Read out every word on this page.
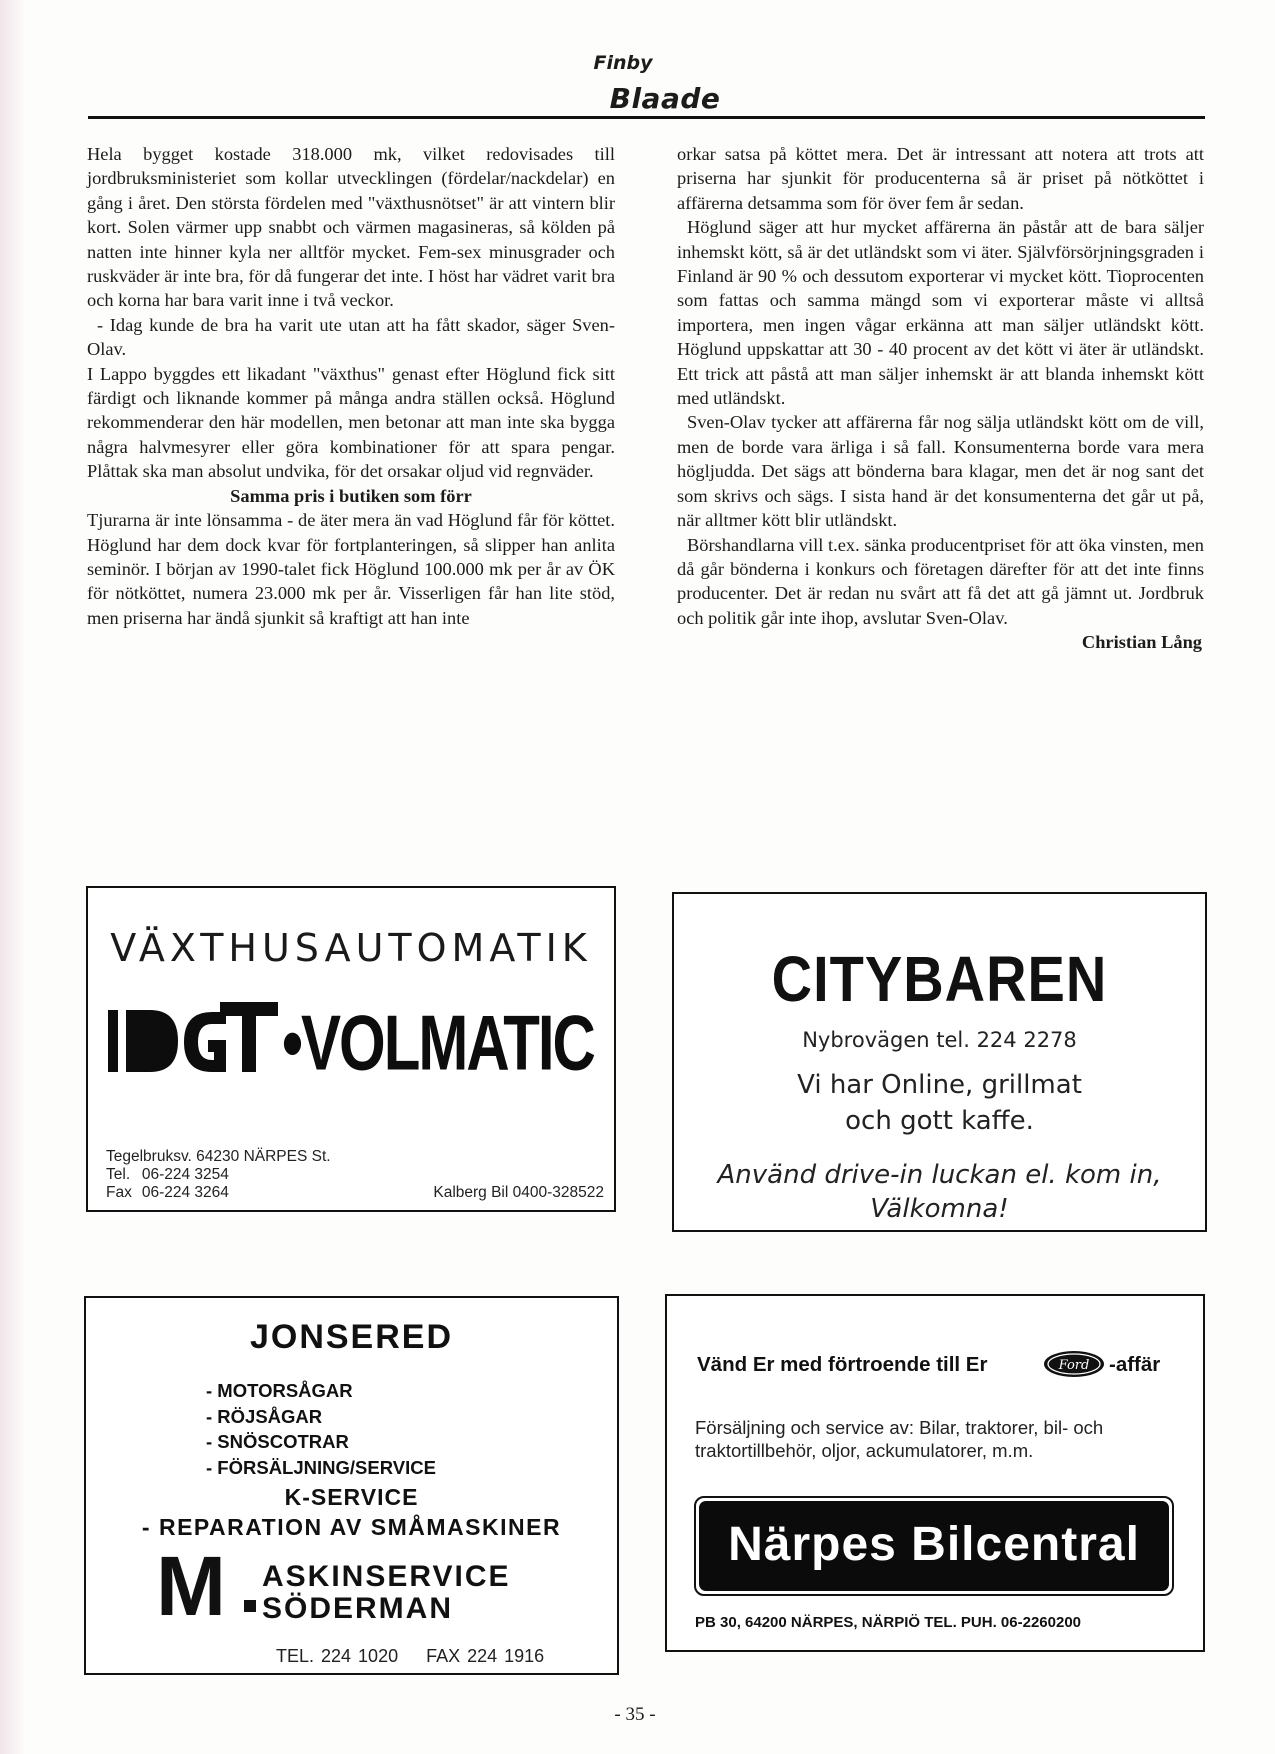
Finby
Blaade

Hela bygget kostade 318.000 mk, vilket redovisades till jordbruksministeriet som kollar utvecklingen (fördelar/nackdelar) en gång i året. Den största fördelen med "växthusnötset" är att vintern blir kort. Solen värmer upp snabbt och värmen magasineras, så kölden på natten inte hinner kyla ner alltför mycket. Fem-sex minusgrader och ruskväder är inte bra, för då fungerar det inte. I höst har vädret varit bra och korna har bara varit inne i två veckor.

- Idag kunde de bra ha varit ute utan att ha fått skador, säger Sven-Olav.

I Lappo byggdes ett likadant "växthus" genast efter Höglund fick sitt färdigt och liknande kommer på många andra ställen också. Höglund rekommenderar den här modellen, men betonar att man inte ska bygga några halvmesyrer eller göra kombinationer för att spara pengar. Plåttak ska man absolut undvika, för det orsakar oljud vid regnväder.

Samma pris i butiken som förr

Tjurarna är inte lönsamma - de äter mera än vad Höglund får för köttet. Höglund har dem dock kvar för fortplanteringen, så slipper han anlita seminör. I början av 1990-talet fick Höglund 100.000 mk per år av ÖK för nötköttet, numera 23.000 mk per år. Visserligen får han lite stöd, men priserna har ändå sjunkit så kraftigt att han inte

orkar satsa på köttet mera. Det är intressant att notera att trots att priserna har sjunkit för producenterna så är priset på nötköttet i affärerna detsamma som för över fem år sedan.

Höglund säger att hur mycket affärerna än påstår att de bara säljer inhemskt kött, så är det utländskt som vi äter. Självförsörjningsgraden i Finland är 90 % och dessutom exporterar vi mycket kött. Tioprocenten som fattas och samma mängd som vi exporterar måste vi alltså importera, men ingen vågar erkänna att man säljer utländskt kött. Höglund uppskattar att 30 - 40 procent av det kött vi äter är utländskt. Ett trick att påstå att man säljer inhemskt är att blanda inhemskt kött med utländskt.

Sven-Olav tycker att affärerna får nog sälja utländskt kött om de vill, men de borde vara ärliga i så fall. Konsumenterna borde vara mera högljudda. Det sägs att bönderna bara klagar, men det är nog sant det som skrivs och sägs. I sista hand är det konsumenterna det går ut på, när alltmer kött blir utländskt.

Börshandlarna vill t.ex. sänka producentpriset för att öka vinsten, men då går bönderna i konkurs och företagen därefter för att det inte finns producenter. Det är redan nu svårt att få det att gå jämnt ut. Jordbruk och politik går inte ihop, avslutar Sven-Olav.

Christian Lång

VÄXTHUSAUTOMATIK
•VOLMATIC
Tegelbruksv. 64230 NÄRPES St.
Tel.	06-224 3254
Fax	06-224 3264	Kalberg Bil 0400-328522
CITYBAREN
Nybrovägen tel. 224 2278
Vi har Online, grillmat
och gott kaffe.
Använd drive-in luckan el. kom in,
Välkomna!
JONSERED
- MOTORSÅGAR
- RÖJSÅGAR
- SNÖSCOTRAR
- FÖRSÄLJNING/SERVICE
K-SERVICE
- REPARATION AV SMÅMASKINER
M ASKINSERVICE
SÖDERMAN
TEL. 224 1020    FAX 224 1916
Vänd Er med förtroende till Er	Ford -affär
Försäljning och service av: Bilar, traktorer, bil- och traktortillbehör, oljor, ackumulatorer, m.m.
Närpes Bilcentral
PB 30, 64200 NÄRPES, NÄRPIÖ TEL. PUH. 06-2260200
- 35 -
